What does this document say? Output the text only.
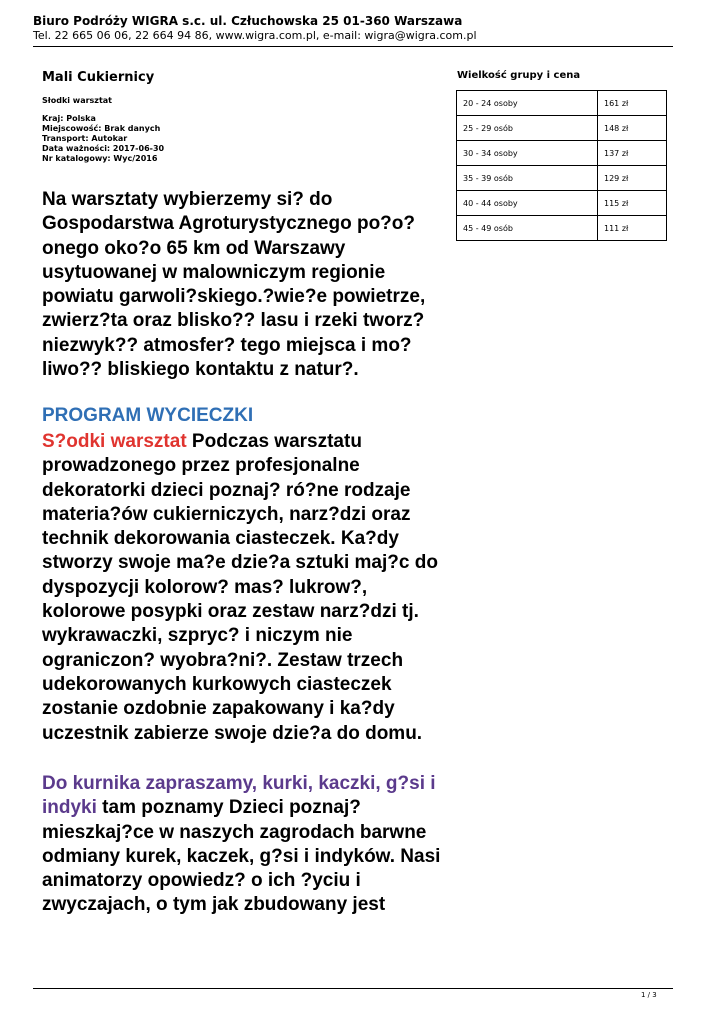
Biuro Podróży WIGRA s.c. ul. Człuchowska 25 01-360 Warszawa
Tel. 22 665 06 06, 22 664 94 86, www.wigra.com.pl, e-mail: wigra@wigra.com.pl
Mali Cukiernicy
Słodki warsztat
Kraj: Polska
Miejscowość: Brak danych
Transport: Autokar
Data ważności: 2017-06-30
Nr katalogowy: Wyc/2016
Wielkość grupy i cena
20 - 24 osoby	161 zł
25 - 29 osób	148 zł
30 - 34 osoby	137 zł
35 - 39 osób	129 zł
40 - 44 osoby	115 zł
45 - 49 osób	111 zł
Na warsztaty wybierzemy si? do Gospodarstwa Agroturystycznego po?o?onego oko?o 65 km od Warszawy usytuowanej w malowniczym regionie powiatu garwoli?skiego.?wie?e powietrze, zwierz?ta oraz blisko?? lasu i rzeki tworz? niezwyk?? atmosfer? tego miejsca i mo?liwo?? bliskiego kontaktu z natur?.
PROGRAM WYCIECZKI
S?odki warsztat Podczas warsztatu prowadzonego przez profesjonalne dekoratorki dzieci poznaj? ró?ne rodzaje materia?ów cukierniczych, narz?dzi oraz technik dekorowania ciasteczek. Ka?dy stworzy swoje ma?e dzie?a sztuki maj?c do dyspozycji kolorow? mas? lukrow?, kolorowe posypki oraz zestaw narz?dzi tj. wykrawaczki, szpryc? i niczym nie ograniczon? wyobra?ni?. Zestaw trzech udekorowanych kurkowych ciasteczek zostanie ozdobnie zapakowany i ka?dy uczestnik zabierze swoje dzie?a do domu.
Do kurnika zapraszamy, kurki, kaczki, g?si i indyki tam poznamy Dzieci poznaj? mieszkaj?ce w naszych zagrodach barwne odmiany kurek, kaczek, g?si i indyków. Nasi animatorzy opowiedz? o ich ?yciu i zwyczajach, o tym jak zbudowany jest
1 / 3
